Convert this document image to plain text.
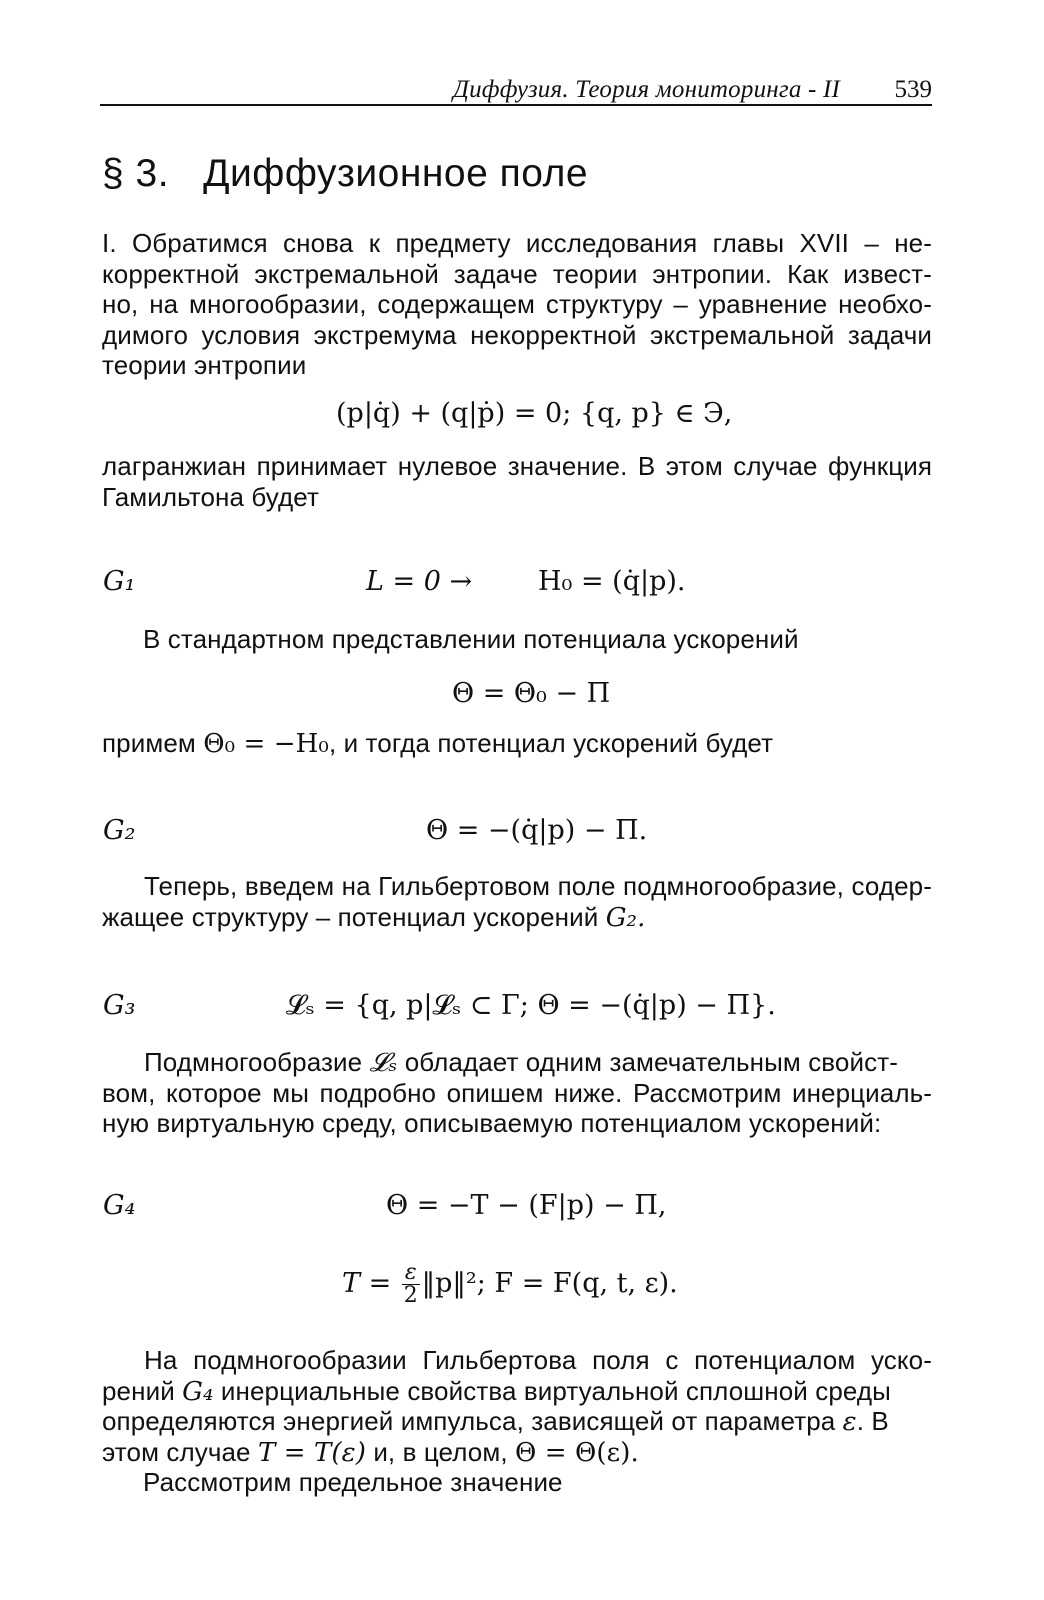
Диффузия. Теория мониторинга - II 539
§ 3. Диффузионное поле
I. Обратимся снова к предмету исследования главы XVII – не-
корректной экстремальной задаче теории энтропии. Как извест-
но, на многообразии, содержащем структуру – уравнение необхо-
димого условия экстремума некорректной экстремальной задачи
теории энтропии
(p|q̇) + (q|ṗ) = 0; {q, p} ∈ Э,
лагранжиан принимает нулевое значение. В этом случае функция
Гамильтона будет
G₁	L = 0 → H₀ = (q̇|p).
В стандартном представлении потенциала ускорений
Θ = Θ₀ − Π
примем Θ₀ = −H₀, и тогда потенциал ускорений будет
G₂	Θ = −(q̇|p) − Π.
Теперь, введем на Гильбертовом поле подмногообразие, содер-
жащее структуру – потенциал ускорений G₂.
G₃	𝓛ₛ = {q, p|𝓛ₛ ⊂ Γ; Θ = −(q̇|p) − Π}.
Подмногообразие 𝓛ₛ обладает одним замечательным свойст-
вом, которое мы подробно опишем ниже. Рассмотрим инерциаль-
ную виртуальную среду, описываемую потенциалом ускорений:
G₄	Θ = −T − (F|p) − Π,
$T = \frac{\varepsilon}{2}$ ‖p‖²; F = F(q, t, ε).
На подмногообразии Гильбертова поля с потенциалом уско-
рений G₄ инерциальные свойства виртуальной сплошной среды
определяются энергией импульса, зависящей от параметра ε. В
этом случае T = T(ε) и, в целом, Θ = Θ(ε).
Рассмотрим предельное значение
